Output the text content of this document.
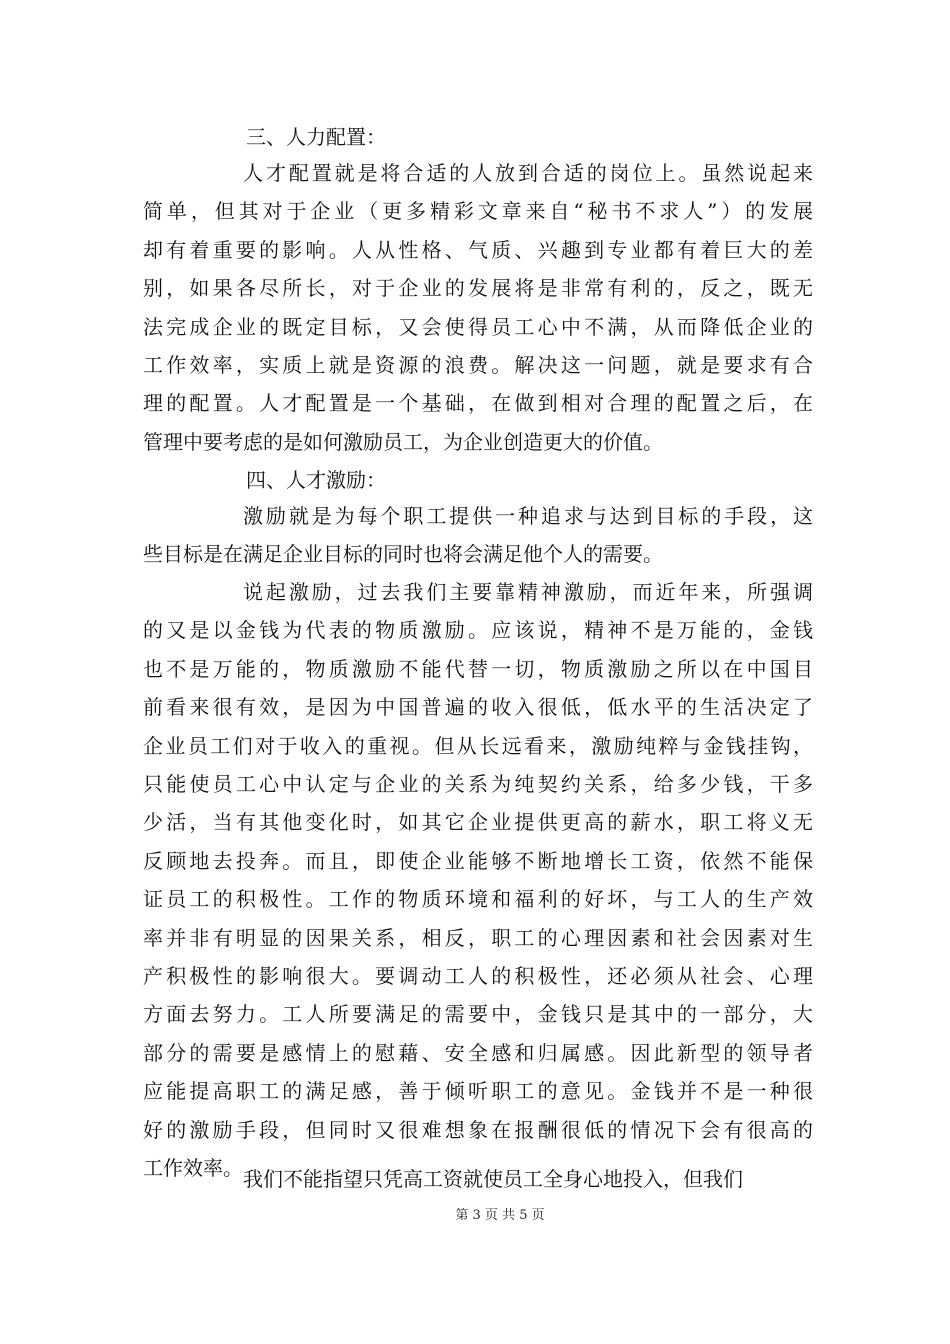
三、人力配置：
人才配置就是将合适的人放到合适的岗位上。虽然说起来
简单，但其对于企业（更多精彩文章来自“秘书不求人”）的发展
却有着重要的影响。人从性格、气质、兴趣到专业都有着巨大的差
别，如果各尽所长，对于企业的发展将是非常有利的，反之，既无
法完成企业的既定目标，又会使得员工心中不满，从而降低企业的
工作效率，实质上就是资源的浪费。解决这一问题，就是要求有合
理的配置。人才配置是一个基础，在做到相对合理的配置之后，在
管理中要考虑的是如何激励员工，为企业创造更大的价值。
四、人才激励：
激励就是为每个职工提供一种追求与达到目标的手段，这
些目标是在满足企业目标的同时也将会满足他个人的需要。
说起激励，过去我们主要靠精神激励，而近年来，所强调
的又是以金钱为代表的物质激励。应该说，精神不是万能的，金钱
也不是万能的，物质激励不能代替一切，物质激励之所以在中国目
前看来很有效，是因为中国普遍的收入很低，低水平的生活决定了
企业员工们对于收入的重视。但从长远看来，激励纯粹与金钱挂钩，
只能使员工心中认定与企业的关系为纯契约关系，给多少钱，干多
少活，当有其他变化时，如其它企业提供更高的薪水，职工将义无
反顾地去投奔。而且，即使企业能够不断地增长工资，依然不能保
证员工的积极性。工作的物质环境和福利的好坏，与工人的生产效
率并非有明显的因果关系，相反，职工的心理因素和社会因素对生
产积极性的影响很大。要调动工人的积极性，还必须从社会、心理
方面去努力。工人所要满足的需要中，金钱只是其中的一部分，大
部分的需要是感情上的慰藉、安全感和归属感。因此新型的领导者
应能提高职工的满足感，善于倾听职工的意见。金钱并不是一种很
好的激励手段，但同时又很难想象在报酬很低的情况下会有很高的
工作效率。 我们不能指望只凭高工资就使员工全身心地投入，但我们
第 3 页 共 5 页
